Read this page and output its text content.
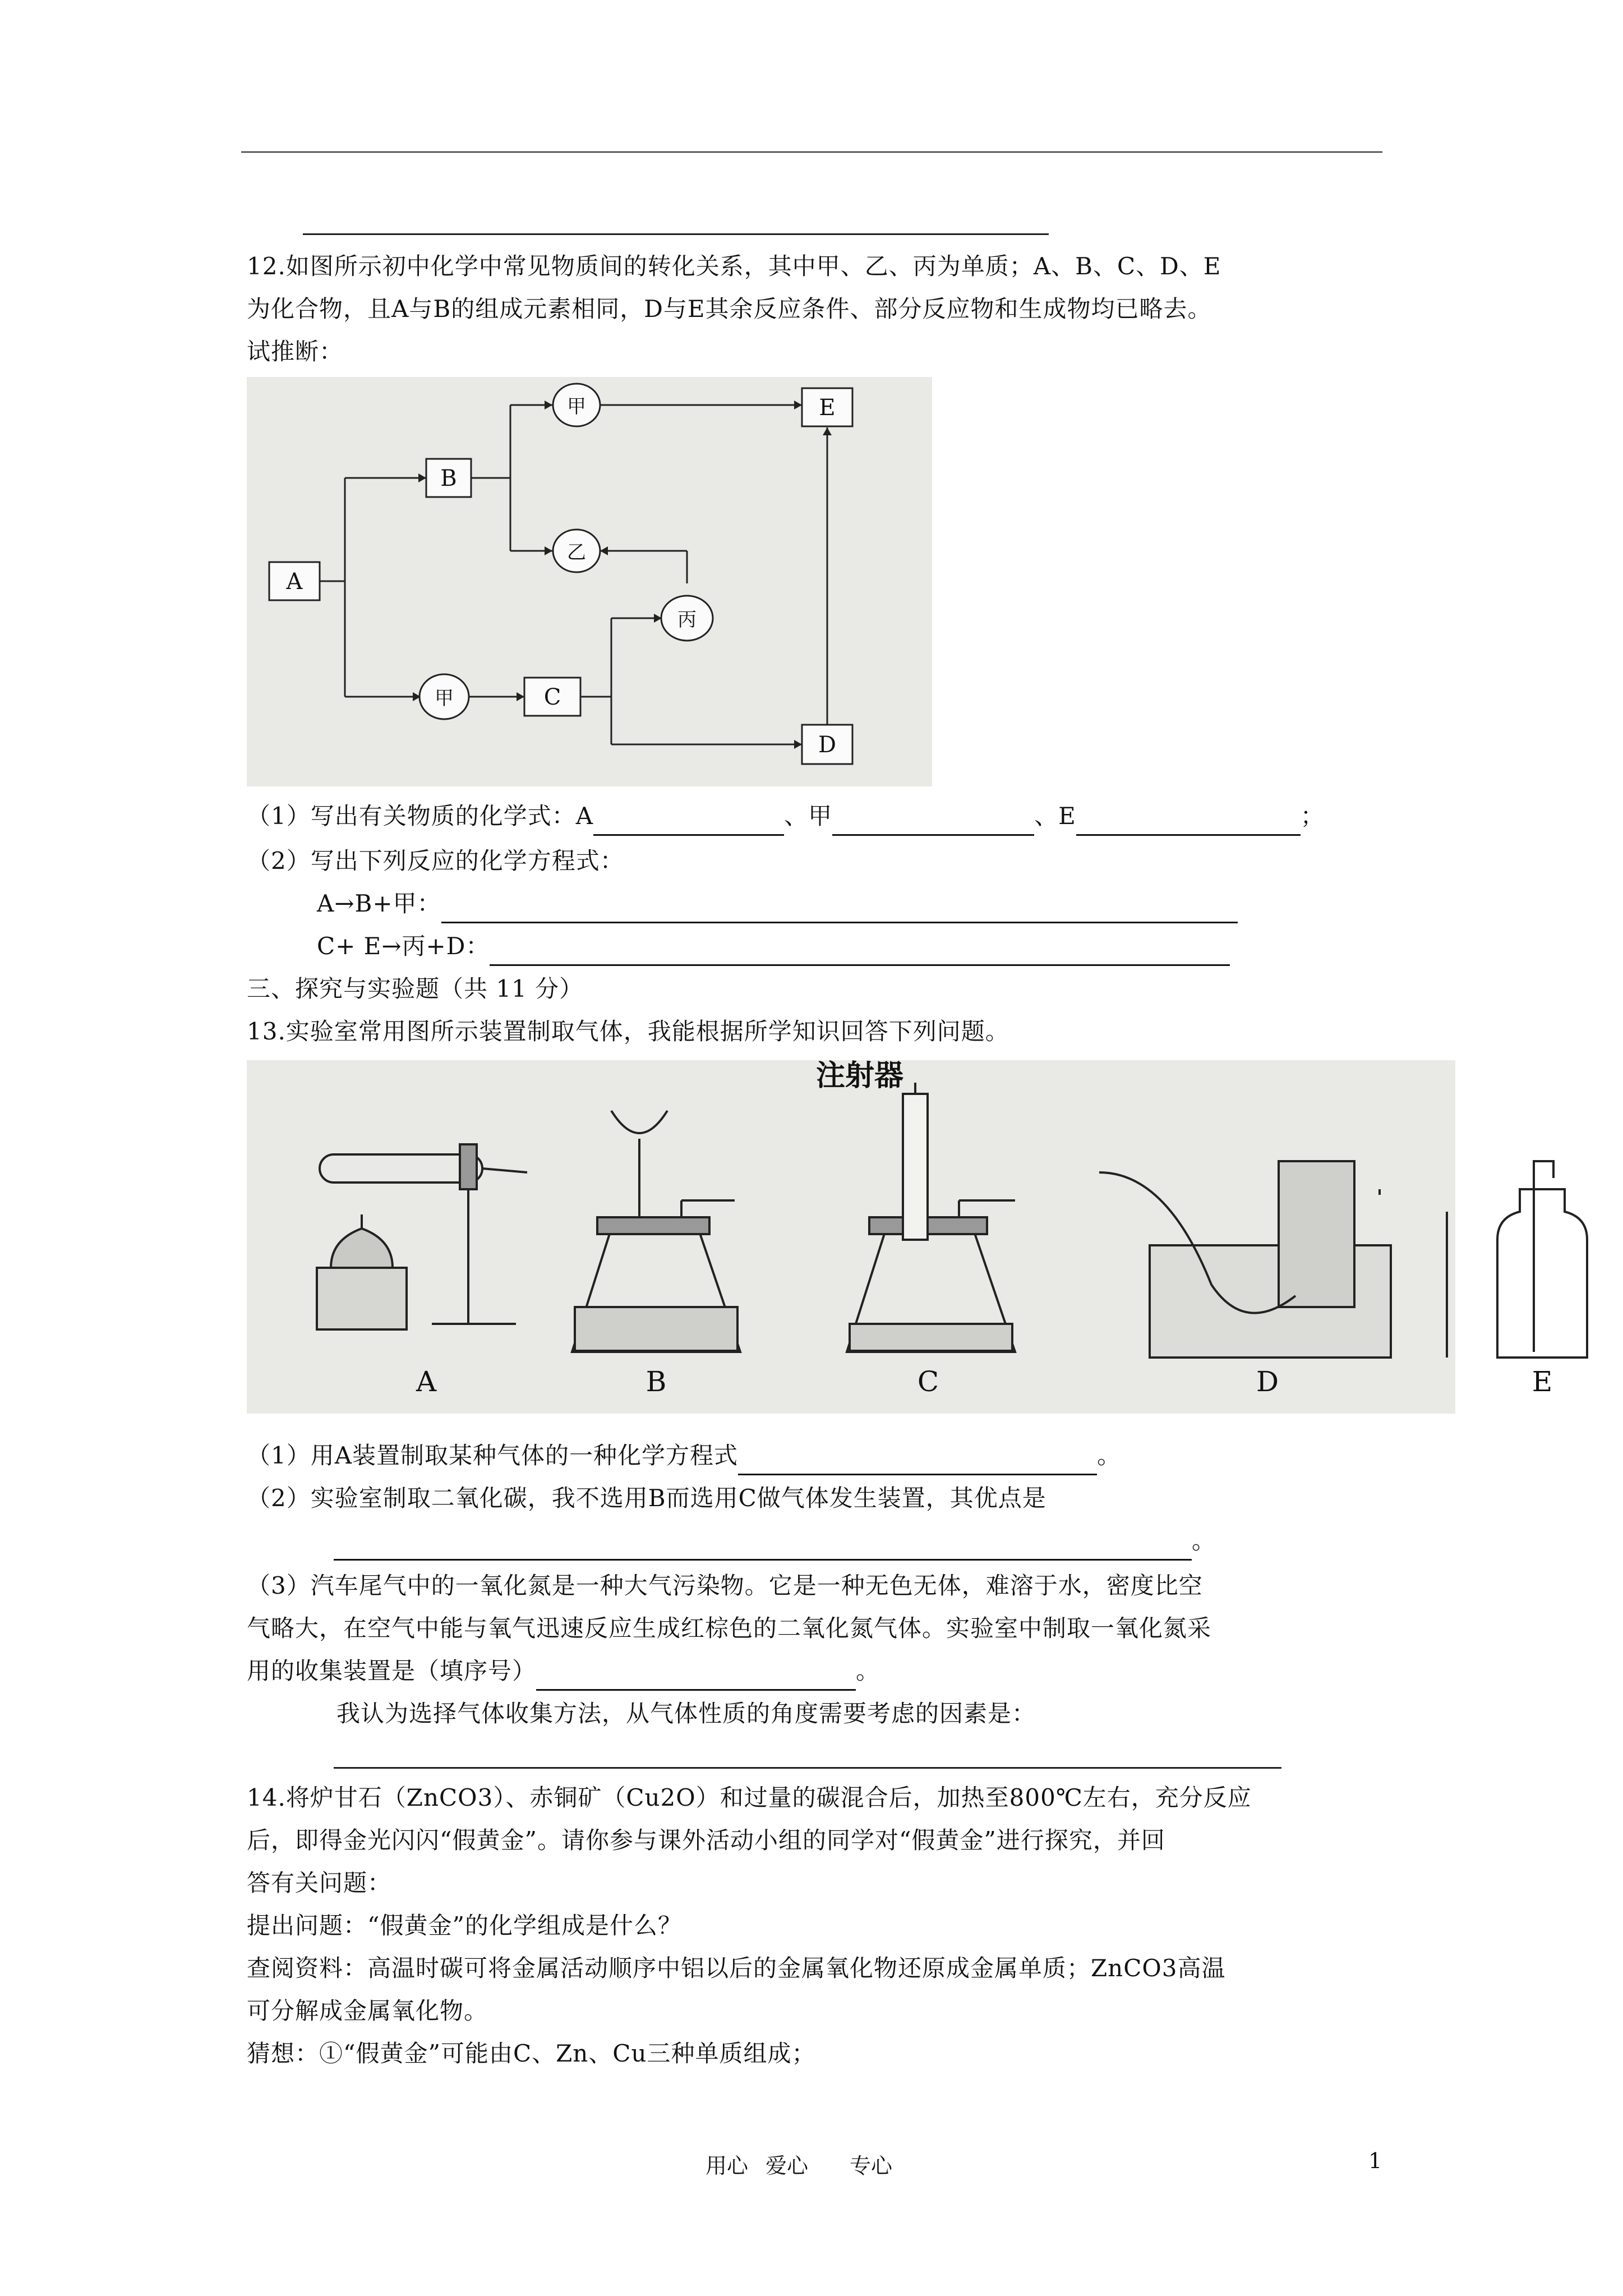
12.如图所示初中化学中常见物质间的转化关系，其中甲、乙、丙为单质；A、B、C、D、E
为化合物，且A与B的组成元素相同，D与E其余反应条件、部分反应物和生成物均已略去。
试推断：
A
B
C
D
E
甲
乙
丙
甲
（1）写出有关物质的化学式：A	、甲	、E	；
（2）写出下列反应的化学方程式：
A→B+甲：
C+ E→丙+D：
三、探究与实验题（共 11 分）
13.实验室常用图所示装置制取气体，我能根据所学知识回答下列问题。
注射器
A	B	C	D	E
（1）用A装置制取某种气体的一种化学方程式	。
（2）实验室制取二氧化碳，我不选用B而选用C做气体发生装置，其优点是
。
（3）汽车尾气中的一氧化氮是一种大气污染物。它是一种无色无体，难溶于水，密度比空
气略大，在空气中能与氧气迅速反应生成红棕色的二氧化氮气体。实验室中制取一氧化氮采
用的收集装置是（填序号）	。
我认为选择气体收集方法，从气体性质的角度需要考虑的因素是：
14.将炉甘石（ZnCO3）、赤铜矿（Cu2O）和过量的碳混合后，加热至800℃左右，充分反应
后，即得金光闪闪“假黄金”。请你参与课外活动小组的同学对“假黄金”进行探究，并回
答有关问题：
提出问题：“假黄金”的化学组成是什么？
查阅资料：高温时碳可将金属活动顺序中铝以后的金属氧化物还原成金属单质；ZnCO3高温
可分解成金属氧化物。
猜想：①“假黄金”可能由C、Zn、Cu三种单质组成；
用心 爱心 专心	1
